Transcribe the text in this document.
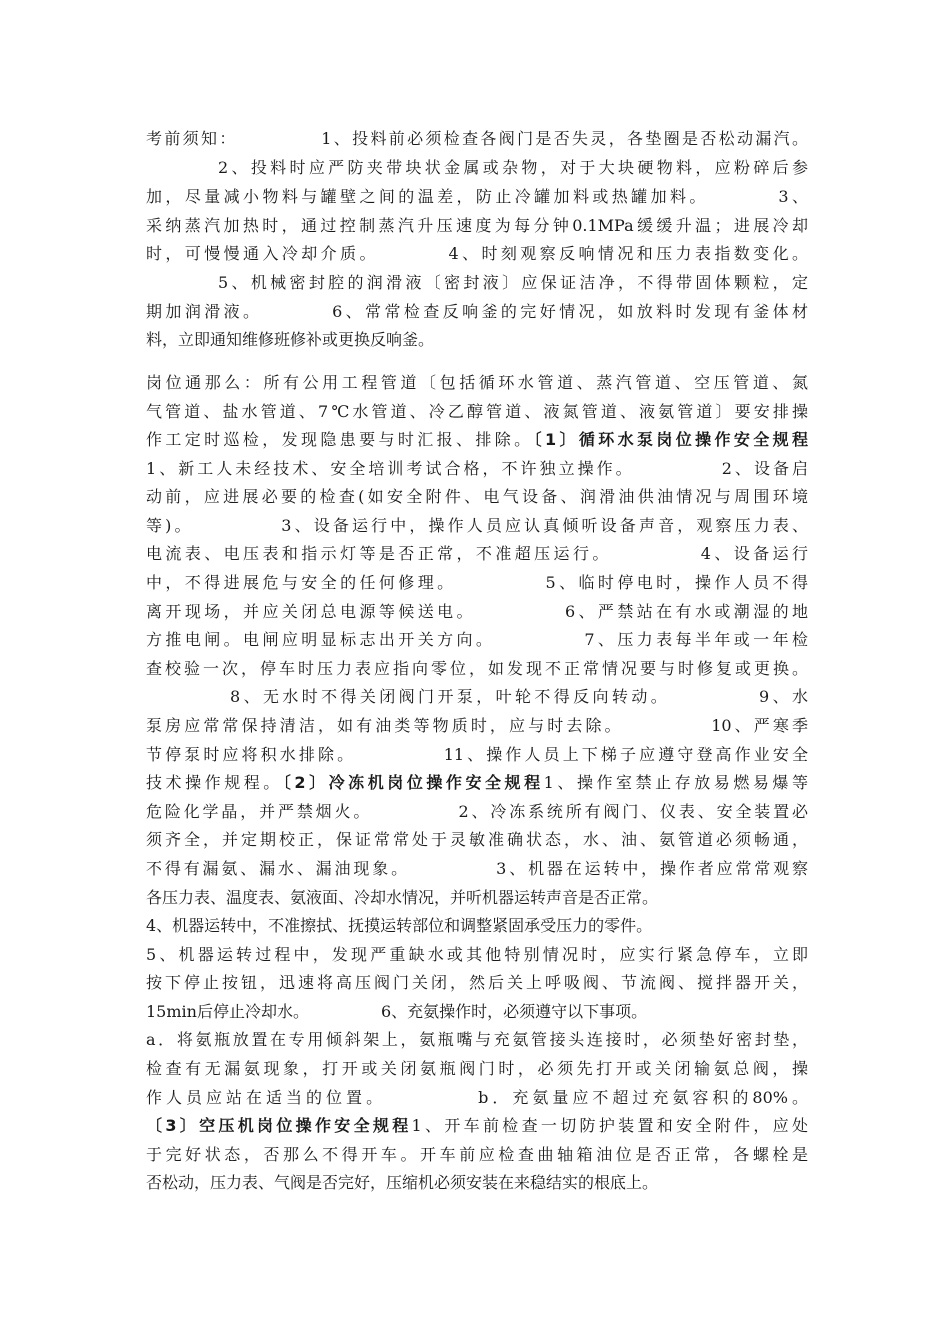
考前须知：　　　　　1、投料前必须检查各阀门是否失灵，各垫圈是否松动漏汽。
2、投料时应严防夹带块状金属或杂物，对于大块硬物料，应粉碎后参
加，尽量减小物料与罐壁之间的温差，防止冷罐加料或热罐加料。　　　　3、
采纳蒸汽加热时，通过控制蒸汽升压速度为每分钟0.1MPa缓缓升温；进展冷却
时，可慢慢通入冷却介质。　　　　4、时刻观察反响情况和压力表指数变化。
5、机械密封腔的润滑液〔密封液〕应保证洁净，不得带固体颗粒，定
期加润滑液。　　　　6、常常检查反响釜的完好情况，如放料时发现有釜体材
料，立即通知维修班修补或更换反响釜。
岗位通那么：所有公用工程管道〔包括循环水管道、蒸汽管道、空压管道、氮
气管道、盐水管道、7℃水管道、冷乙醇管道、液氮管道、液氨管道〕要安排操
作工定时巡检，发现隐患要与时汇报、排除。〔1〕循环水泵岗位操作安全规程
1、新工人未经技术、安全培训考试合格，不许独立操作。　　　　　2、设备启
动前，应进展必要的检查(如安全附件、电气设备、润滑油供油情况与周围环境
等)。　　　　　3、设备运行中，操作人员应认真倾听设备声音，观察压力表、
电流表、电压表和指示灯等是否正常，不准超压运行。　　　　　4、设备运行
中，不得进展危与安全的任何修理。　　　　　5、临时停电时，操作人员不得
离开现场，并应关闭总电源等候送电。　　　　　6、严禁站在有水或潮湿的地
方推电闸。电闸应明显标志出开关方向。　　　　　7、压力表每半年或一年检
查校验一次，停车时压力表应指向零位，如发现不正常情况要与时修复或更换。
8、无水时不得关闭阀门开泵，叶轮不得反向转动。　　　　　9、水
泵房应常常保持清洁，如有油类等物质时，应与时去除。　　　　　10、严寒季
节停泵时应将积水排除。　　　　　11、操作人员上下梯子应遵守登高作业安全
技术操作规程。〔2〕冷冻机岗位操作安全规程1、操作室禁止存放易燃易爆等
危险化学晶，并严禁烟火。　　　　　2、冷冻系统所有阀门、仪表、安全装置必
须齐全，并定期校正，保证常常处于灵敏准确状态，水、油、氨管道必须畅通，
不得有漏氨、漏水、漏油现象。　　　　　3、机器在运转中，操作者应常常观察
各压力表、温度表、氨液面、冷却水情况，并听机器运转声音是否正常。
4、机器运转中，不准擦拭、抚摸运转部位和调整紧固承受压力的零件。
5、机器运转过程中，发现严重缺水或其他特别情况时，应实行紧急停车，立即
按下停止按钮，迅速将高压阀门关闭，然后关上呼吸阀、节流阀、搅拌器开关，
15min后停止冷却水。　　　　　6、充氨操作时，必须遵守以下事项。
a．将氨瓶放置在专用倾斜架上，氨瓶嘴与充氨管接头连接时，必须垫好密封垫，
检查有无漏氨现象，打开或关闭氨瓶阀门时，必须先打开或关闭输氨总阀，操
作人员应站在适当的位置。　　　　　b．充氨量应不超过充氨容积的80%。
〔3〕空压机岗位操作安全规程1、开车前检查一切防护装置和安全附件，应处
于完好状态，否那么不得开车。开车前应检查曲轴箱油位是否正常，各螺栓是
否松动，压力表、气阀是否完好，压缩机必须安装在来稳结实的根底上。
